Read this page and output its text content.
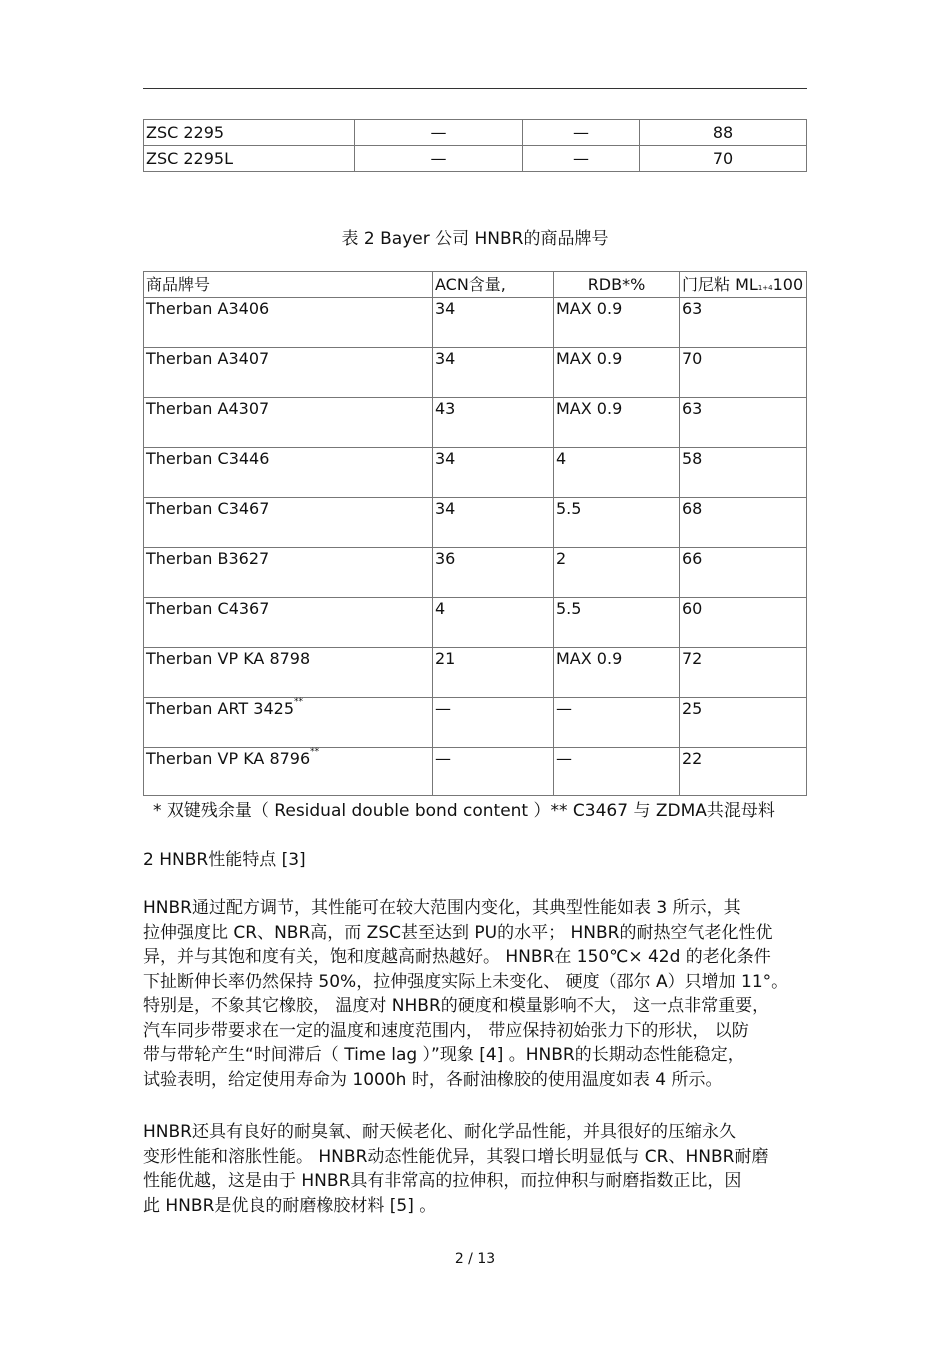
ZSC 2295	—	—	88
ZSC 2295L	—	—	70
表 2 Bayer 公司 HNBR的商品牌号
商品牌号	ACN含量,	RDB*%	门尼粘 ML1+4100
Therban A3406	34	MAX 0.9	63
Therban A3407	34	MAX 0.9	70
Therban A4307	43	MAX 0.9	63
Therban C3446	34	4	58
Therban C3467	34	5.5	68
Therban B3627	36	2	66
Therban C4367	4	5.5	60
Therban VP KA 8798	21	MAX 0.9	72
Therban ART 3425**	—	—	25
Therban VP KA 8796**	—	—	22
* 双键残余量（ Residual double bond content ）** C3467 与 ZDMA共混母料
2 HNBR性能特点 [3]
HNBR通过配方调节，其性能可在较大范围内变化，其典型性能如表 3 所示，其
拉伸强度比 CR、NBR高，而 ZSC甚至达到 PU的水平； HNBR的耐热空气老化性优
异，并与其饱和度有关，饱和度越高耐热越好。 HNBR在 150℃× 42d 的老化条件
下扯断伸长率仍然保持 50%，拉伸强度实际上未变化、 硬度（邵尔 A）只增加 11°。
特别是，不象其它橡胶， 温度对 NHBR的硬度和模量影响不大， 这一点非常重要，
汽车同步带要求在一定的温度和速度范围内， 带应保持初始张力下的形状， 以防
带与带轮产生“时间滞后（ Time lag ）”现象 [4] 。HNBR的长期动态性能稳定，
试验表明，给定使用寿命为 1000h 时，各耐油橡胶的使用温度如表 4 所示。
HNBR还具有良好的耐臭氧、耐天候老化、耐化学品性能，并具很好的压缩永久
变形性能和溶胀性能。 HNBR动态性能优异，其裂口增长明显低与 CR、HNBR耐磨
性能优越，这是由于 HNBR具有非常高的拉伸积，而拉伸积与耐磨指数正比，因
此 HNBR是优良的耐磨橡胶材料 [5] 。
2 / 13
